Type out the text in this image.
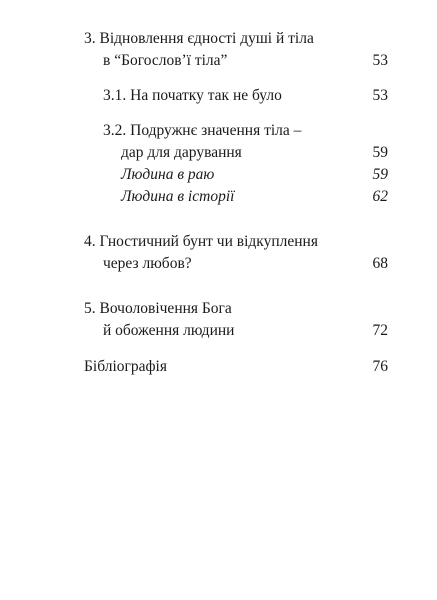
3. Відновлення єдності душі й тіла
в “Богослов’ї тіла”	53
3.1. На початку так не було	53
3.2. Подружнє значення тіла –
дар для дарування	59
Людина в раю	59
Людина в історії	62
4. Гностичний бунт чи відкуплення
через любов?	68
5. Вочоловічення Бога
й обоження людини	72
Бібліографія	76
